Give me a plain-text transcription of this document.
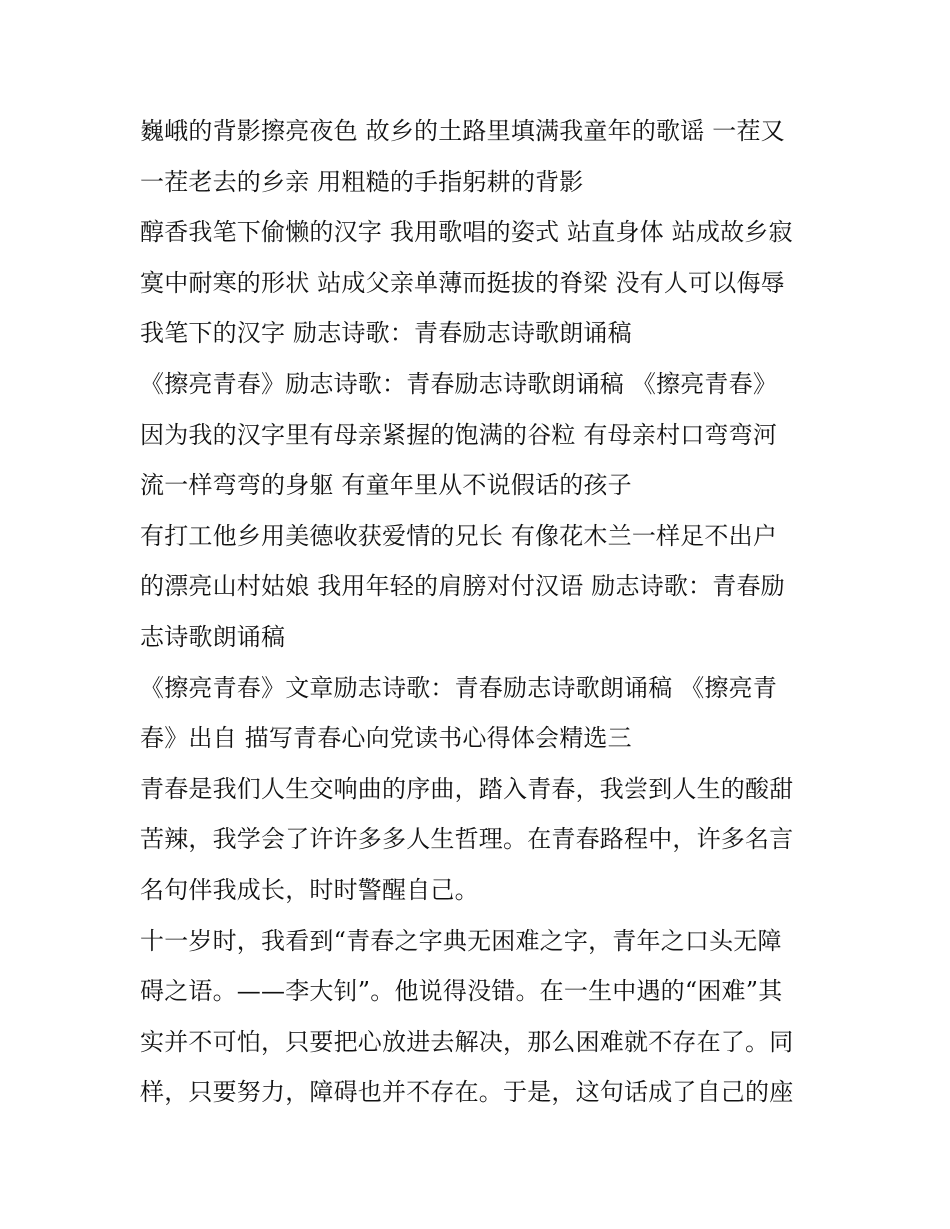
巍峨的背影擦亮夜色 故乡的土路里填满我童年的歌谣 一茬又
一茬老去的乡亲 用粗糙的手指躬耕的背影
醇香我笔下偷懒的汉字 我用歌唱的姿式 站直身体 站成故乡寂
寞中耐寒的形状 站成父亲单薄而挺拔的脊梁 没有人可以侮辱
我笔下的汉字 励志诗歌：青春励志诗歌朗诵稿
《擦亮青春》励志诗歌：青春励志诗歌朗诵稿 《擦亮青春》
因为我的汉字里有母亲紧握的饱满的谷粒 有母亲村口弯弯河
流一样弯弯的身躯 有童年里从不说假话的孩子
有打工他乡用美德收获爱情的兄长 有像花木兰一样足不出户
的漂亮山村姑娘 我用年轻的肩膀对付汉语 励志诗歌：青春励
志诗歌朗诵稿
《擦亮青春》文章励志诗歌：青春励志诗歌朗诵稿 《擦亮青
春》出自 描写青春心向党读书心得体会精选三
青春是我们人生交响曲的序曲，踏入青春，我尝到人生的酸甜
苦辣，我学会了许许多多人生哲理。在青春路程中，许多名言
名句伴我成长，时时警醒自己。
十一岁时，我看到“青春之字典无困难之字，青年之口头无障
碍之语。——李大钊”。他说得没错。在一生中遇的“困难”其
实并不可怕，只要把心放进去解决，那么困难就不存在了。同
样，只要努力，障碍也并不存在。于是，这句话成了自己的座
